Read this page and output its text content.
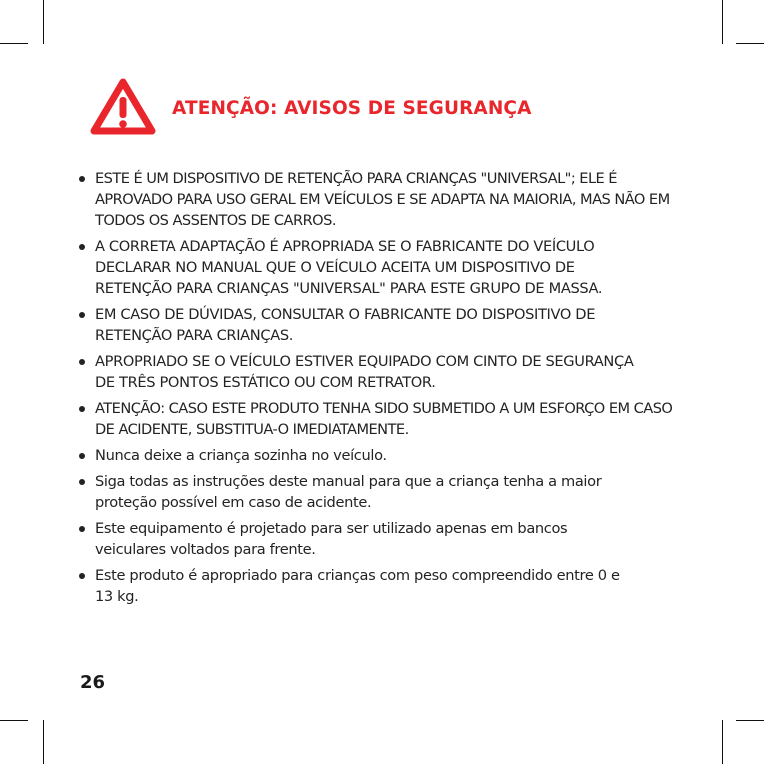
ATENÇÃO: AVISOS DE SEGURANÇA
ESTE É UM DISPOSITIVO DE RETENÇÃO PARA CRIANÇAS "UNIVERSAL"; ELE É APROVADO PARA USO GERAL EM VEÍCULOS E SE ADAPTA NA MAIORIA, MAS NÃO EM TODOS OS ASSENTOS DE CARROS.
A CORRETA ADAPTAÇÃO É APROPRIADA SE O FABRICANTE DO VEÍCULO DECLARAR NO MANUAL QUE O VEÍCULO ACEITA UM DISPOSITIVO DE RETENÇÃO PARA CRIANÇAS "UNIVERSAL" PARA ESTE GRUPO DE MASSA.
EM CASO DE DÚVIDAS, CONSULTAR O FABRICANTE DO DISPOSITIVO DE RETENÇÃO PARA CRIANÇAS.
APROPRIADO SE O VEÍCULO ESTIVER EQUIPADO COM CINTO DE SEGURANÇA DE TRÊS PONTOS ESTÁTICO OU COM RETRATOR.
ATENÇÃO: CASO ESTE PRODUTO TENHA SIDO SUBMETIDO A UM ESFORÇO EM CASO DE ACIDENTE, SUBSTITUA-O IMEDIATAMENTE.
Nunca deixe a criança sozinha no veículo.
Siga todas as instruções deste manual para que a criança tenha a maior proteção possível em caso de acidente.
Este equipamento é projetado para ser utilizado apenas em bancos veiculares voltados para frente.
Este produto é apropriado para crianças com peso compreendido entre 0 e 13 kg.
26
